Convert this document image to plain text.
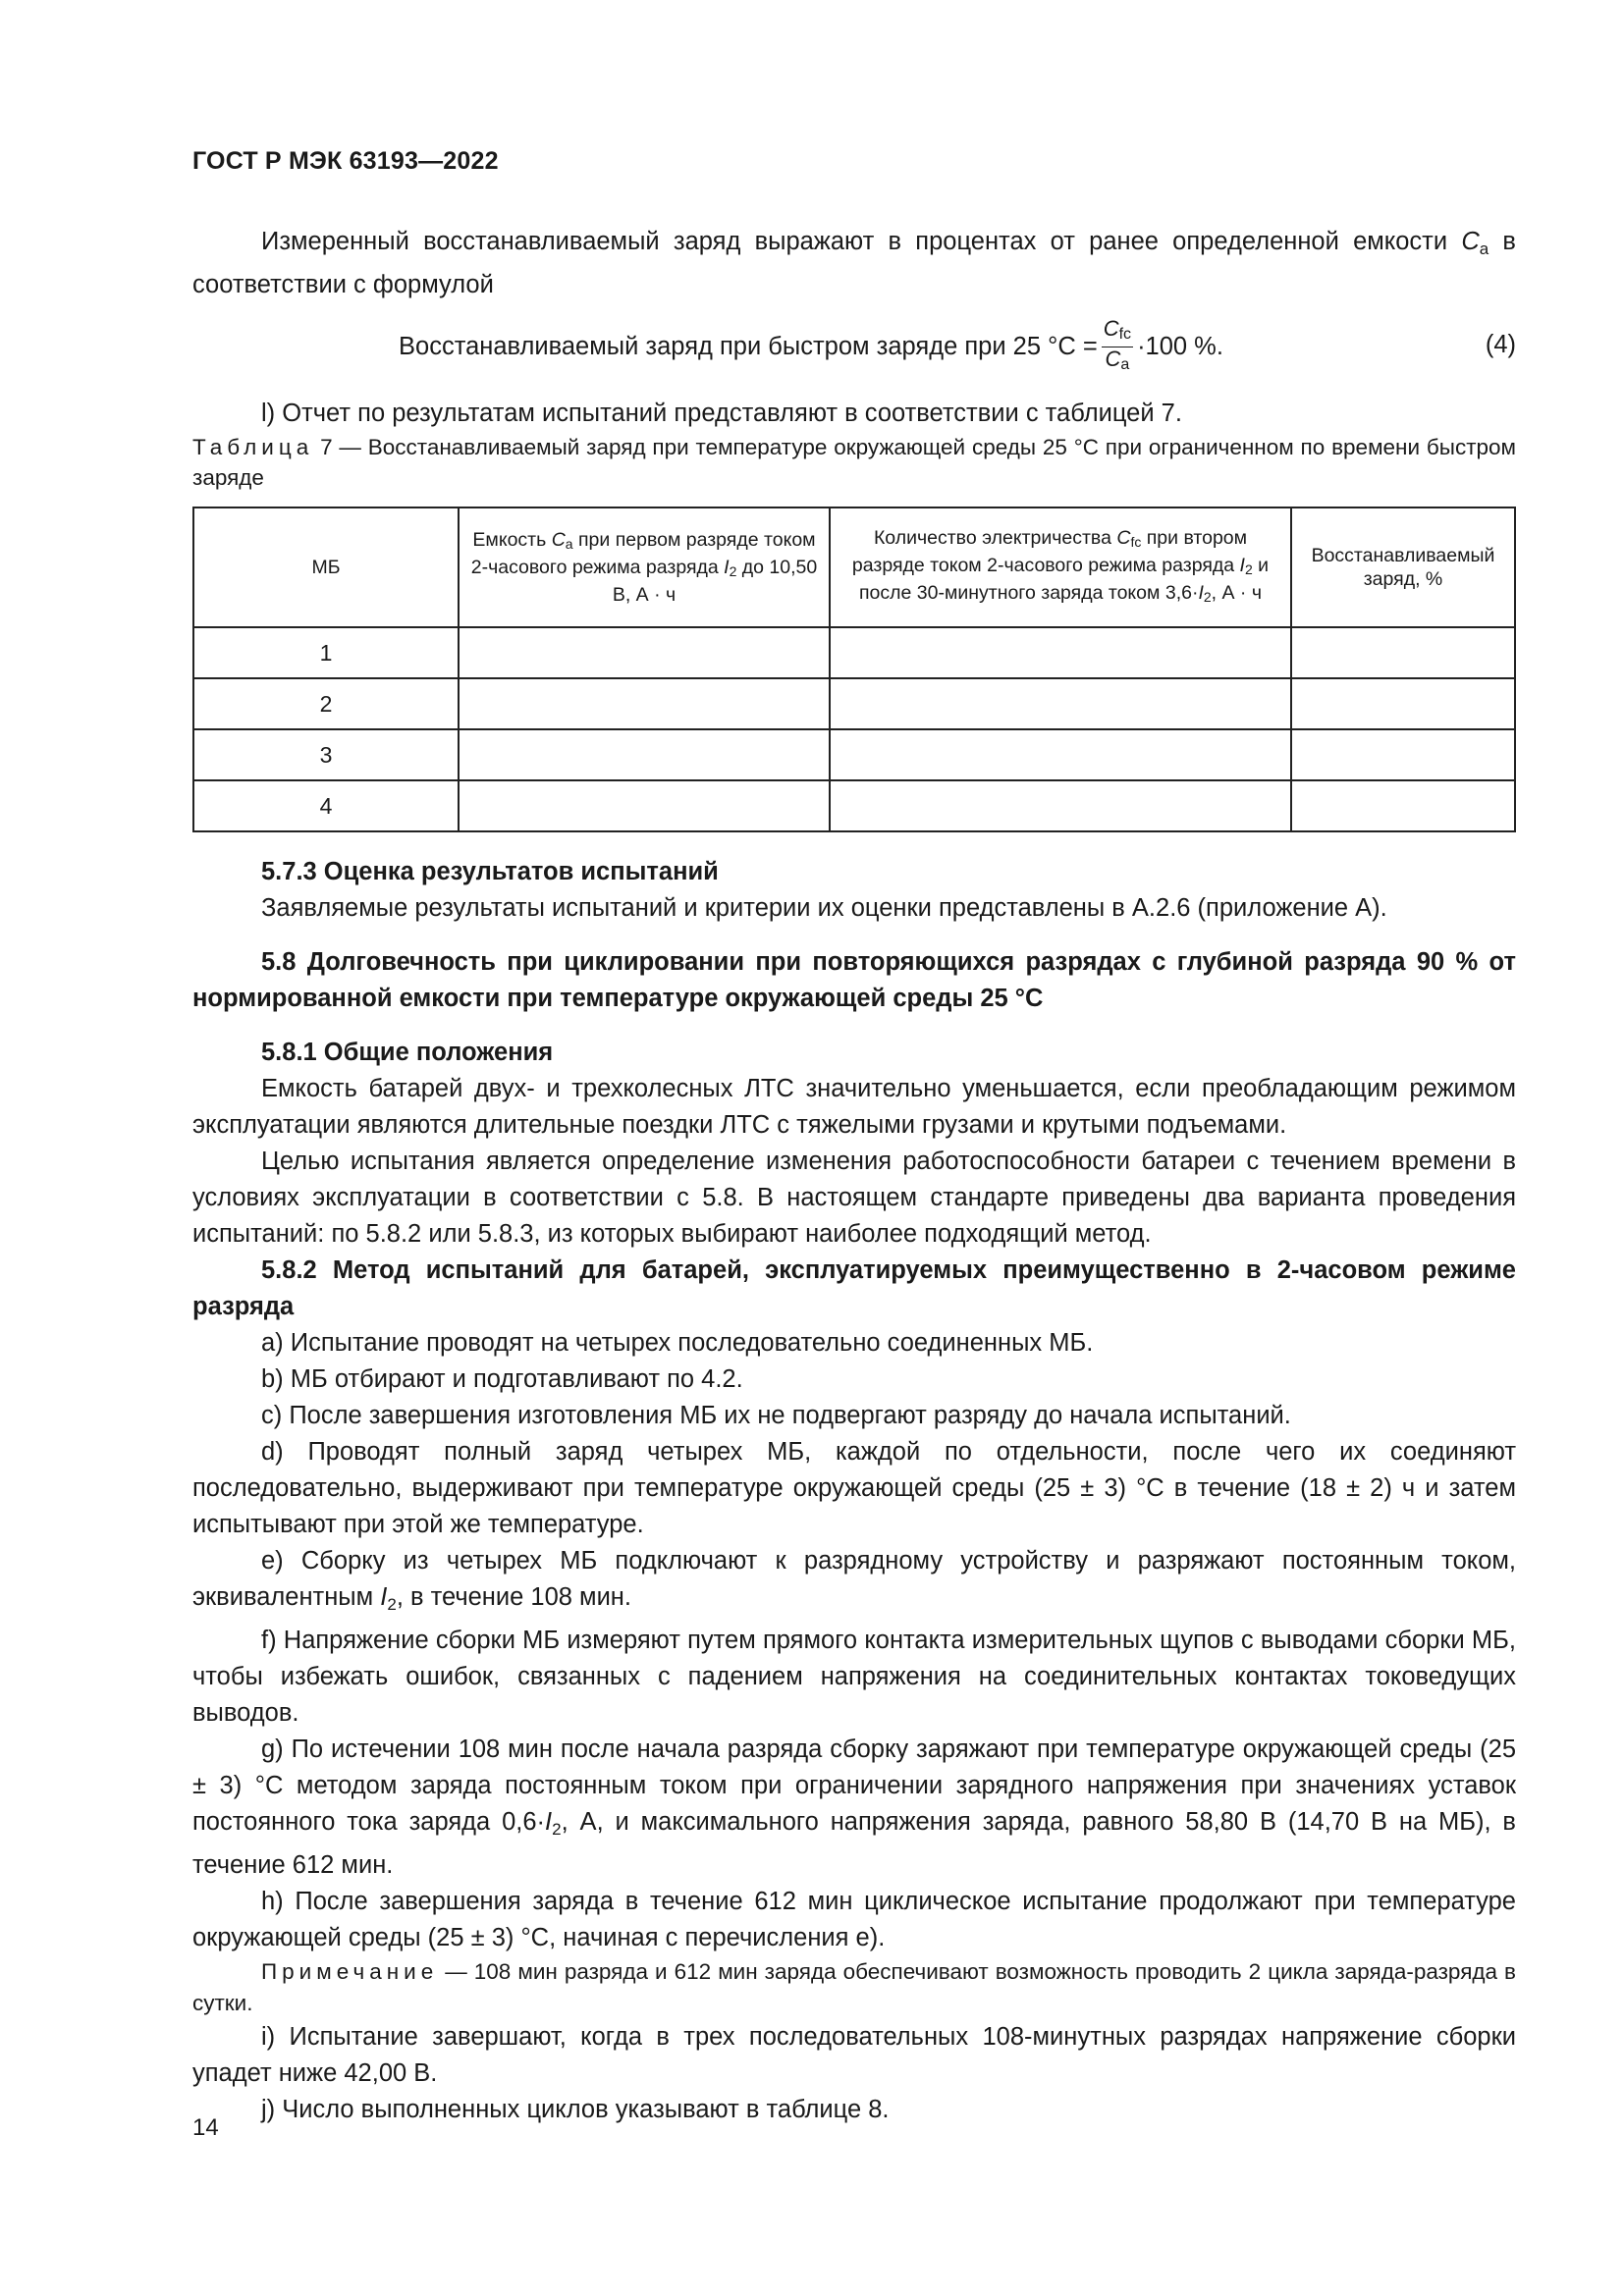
ГОСТ Р МЭК 63193—2022

Измеренный восстанавливаемый заряд выражают в процентах от ранее определенной емкости $C_a$ в соответствии с формулой

Восстанавливаемый заряд при быстром заряде при 25 $^\circ C = \frac{C_{fc}}{C_a} \cdot 100$ %.	(4)

l) Отчет по результатам испытаний представляют в соответствии с таблицей 7.

Таблица 7 — Восстанавливаемый заряд при температуре окружающей среды 25 °С при ограниченном по времени быстром заряде

МБ	Емкость $C_a$ при первом разряде током 2-часового режима разряда $I_2$ до 10,50 В, А · ч	Количество электричества $C_{fc}$ при втором разряде током 2-часового режима разряда $I_2$ и после 30-минутного заряда током $3,6\cdot I_2$, А · ч	Восстанавливаемый заряд, %
1			
2			
3			
4			

5.7.3 Оценка результатов испытаний

Заявляемые результаты испытаний и критерии их оценки представлены в А.2.6 (приложение А).

5.8 Долговечность при циклировании при повторяющихся разрядах с глубиной разряда 90 % от нормированной емкости при температуре окружающей среды 25 °С

5.8.1 Общие положения

Емкость батарей двух- и трехколесных ЛТС значительно уменьшается, если преобладающим режимом эксплуатации являются длительные поездки ЛТС с тяжелыми грузами и крутыми подъемами.

Целью испытания является определение изменения работоспособности батареи с течением времени в условиях эксплуатации в соответствии с 5.8. В настоящем стандарте приведены два варианта проведения испытаний: по 5.8.2 или 5.8.3, из которых выбирают наиболее подходящий метод.

5.8.2 Метод испытаний для батарей, эксплуатируемых преимущественно в 2-часовом режиме разряда

a) Испытание проводят на четырех последовательно соединенных МБ.

b) МБ отбирают и подготавливают по 4.2.

c) После завершения изготовления МБ их не подвергают разряду до начала испытаний.

d) Проводят полный заряд четырех МБ, каждой по отдельности, после чего их соединяют последовательно, выдерживают при температуре окружающей среды (25 ± 3) °С в течение (18 ± 2) ч и затем испытывают при этой же температуре.

e) Сборку из четырех МБ подключают к разрядному устройству и разряжают постоянным током, эквивалентным $I_2$, в течение 108 мин.

f) Напряжение сборки МБ измеряют путем прямого контакта измерительных щупов с выводами сборки МБ, чтобы избежать ошибок, связанных с падением напряжения на соединительных контактах токоведущих выводов.

g) По истечении 108 мин после начала разряда сборку заряжают при температуре окружающей среды (25 ± 3) °С методом заряда постоянным током при ограничении зарядного напряжения при значениях уставок постоянного тока заряда $0,6\cdot I_2$, А, и максимального напряжения заряда, равного 58,80 В (14,70 В на МБ), в течение 612 мин.

h) После завершения заряда в течение 612 мин циклическое испытание продолжают при температуре окружающей среды (25 ± 3) °С, начиная с перечисления е).

Примечание — 108 мин разряда и 612 мин заряда обеспечивают возможность проводить 2 цикла заряда-разряда в сутки.

i) Испытание завершают, когда в трех последовательных 108-минутных разрядах напряжение сборки упадет ниже 42,00 В.

j) Число выполненных циклов указывают в таблице 8.

14
